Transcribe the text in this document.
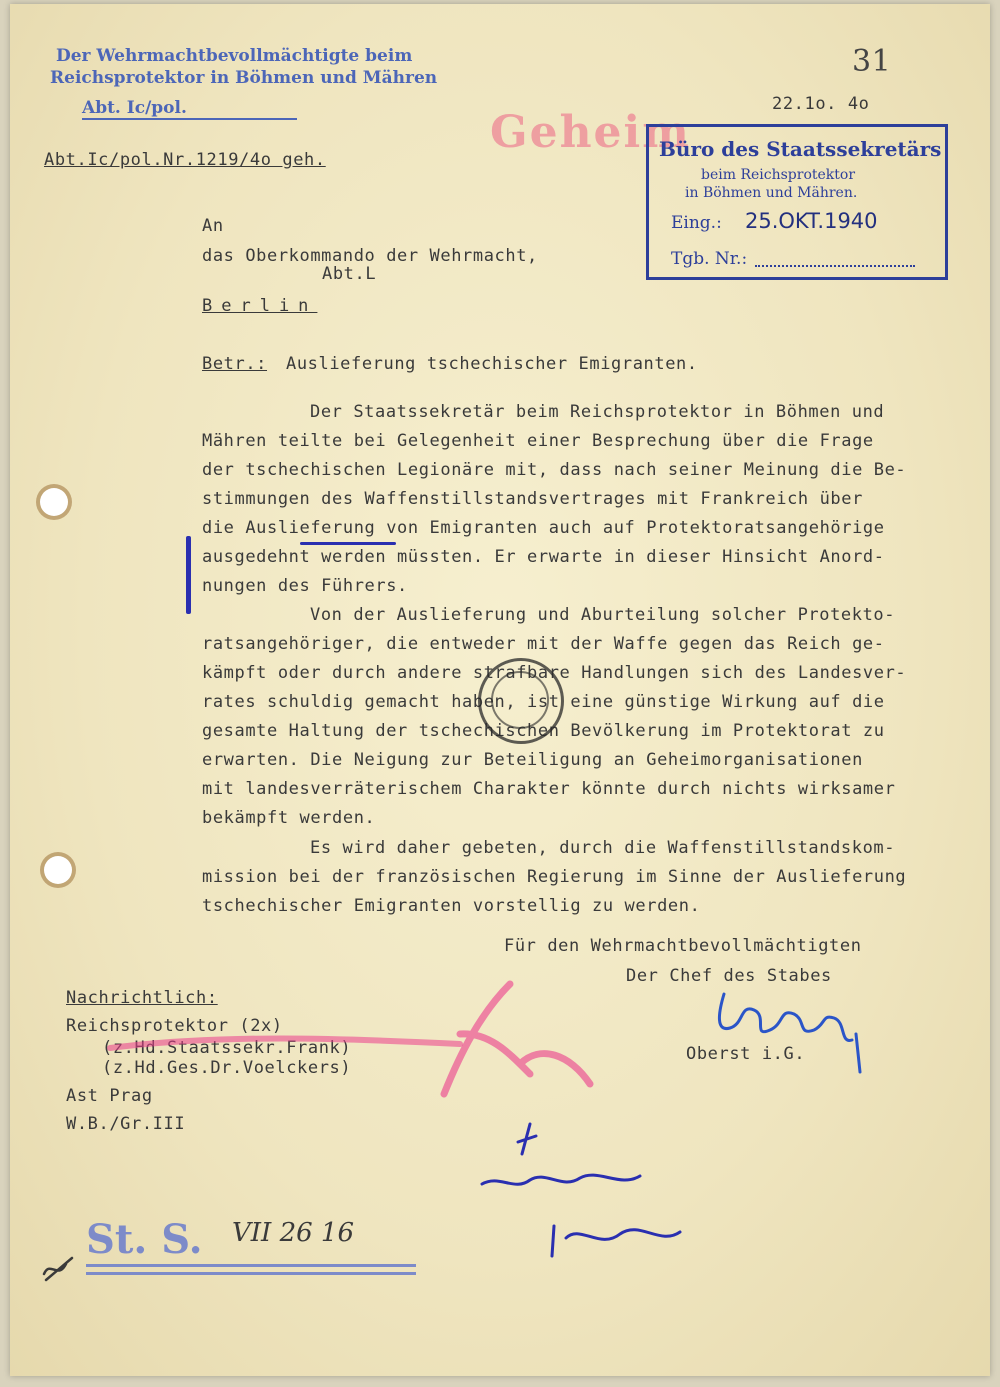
Der Wehrmachtbevollmächtigte beim
Reichsprotektor in Böhmen und Mähren
Abt. Ic/pol.
31
22.1o. 4o
Abt.Ic/pol.Nr.1219/4o geh.
Geheim
Büro des Staatssekretärs
beim Reichsprotektor
in Böhmen und Mähren.
Eing.: 25.OKT.1940
Tgb. Nr.:
An
das Oberkommando der Wehrmacht,
Abt.L
Berlin
Betr.: Auslieferung tschechischer Emigranten.
Der Staatssekretär beim Reichsprotektor in Böhmen und
Mähren teilte bei Gelegenheit einer Besprechung über die Frage
der tschechischen Legionäre mit, dass nach seiner Meinung die Be-
stimmungen des Waffenstillstandsvertrages mit Frankreich über
die Auslieferung von Emigranten auch auf Protektoratsangehörige
ausgedehnt werden müssten. Er erwarte in dieser Hinsicht Anord-
nungen des Führers.
Von der Auslieferung und Aburteilung solcher Protekto-
ratsangehöriger, die entweder mit der Waffe gegen das Reich ge-
kämpft oder durch andere strafbare Handlungen sich des Landesver-
rates schuldig gemacht haben, ist eine günstige Wirkung auf die
gesamte Haltung der tschechischen Bevölkerung im Protektorat zu
erwarten. Die Neigung zur Beteiligung an Geheimorganisationen
mit landesverräterischem Charakter könnte durch nichts wirksamer
bekämpft werden.
Es wird daher gebeten, durch die Waffenstillstandskom-
mission bei der französischen Regierung im Sinne der Auslieferung
tschechischer Emigranten vorstellig zu werden.
Für den Wehrmachtbevollmächtigten
Der Chef des Stabes
Oberst i.G.
Nachrichtlich:
Reichsprotektor (2x)
(z.Hd.Staatssekr.Frank)
(z.Hd.Ges.Dr.Voelckers)
Ast Prag
W.B./Gr.III
St. S. VII 26 16
